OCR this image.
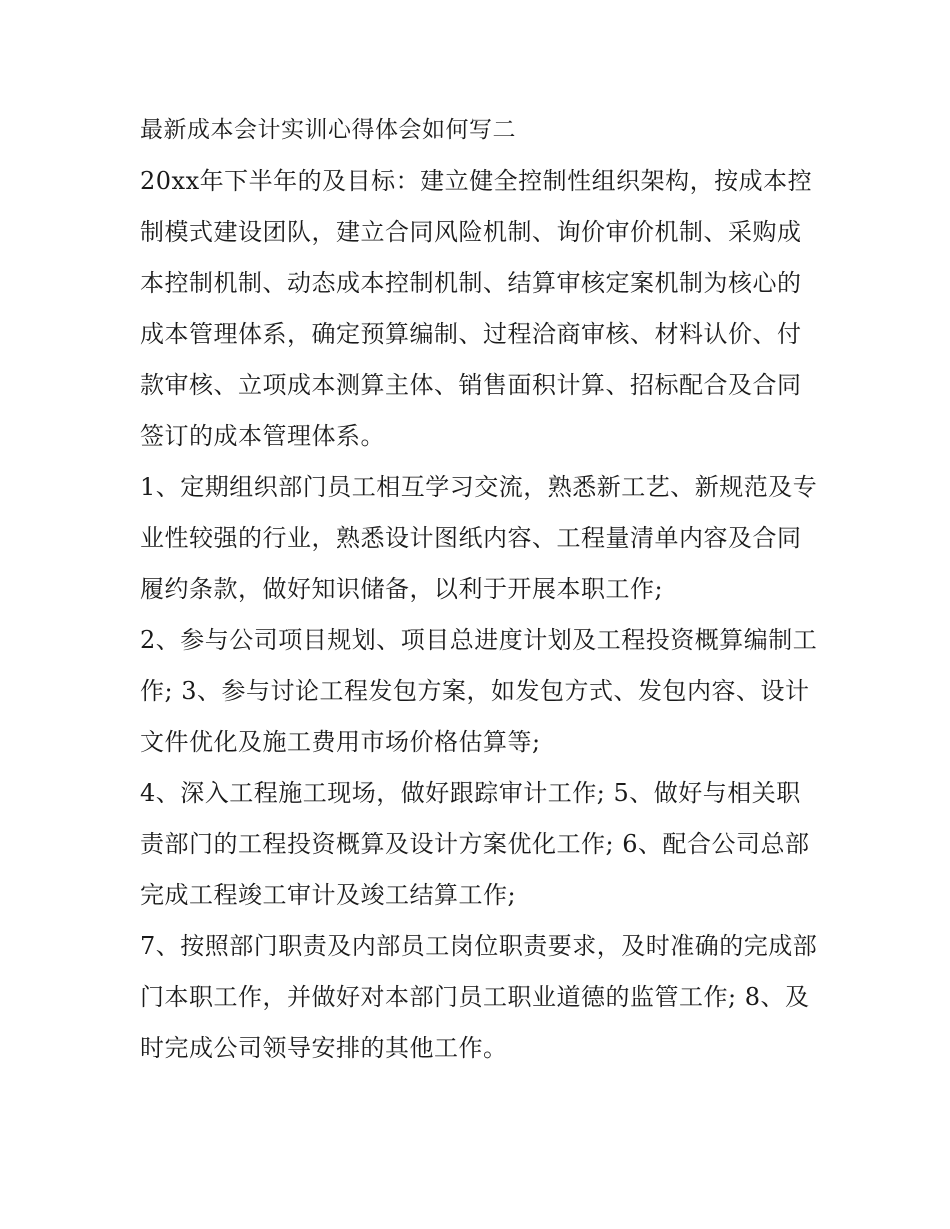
最新成本会计实训心得体会如何写二

20xx年下半年的及目标：建立健全控制性组织架构，按成本控制模式建设团队，建立合同风险机制、询价审价机制、采购成本控制机制、动态成本控制机制、结算审核定案机制为核心的成本管理体系，确定预算编制、过程洽商审核、材料认价、付款审核、立项成本测算主体、销售面积计算、招标配合及合同签订的成本管理体系。

1、定期组织部门员工相互学习交流，熟悉新工艺、新规范及专业性较强的行业，熟悉设计图纸内容、工程量清单内容及合同履约条款，做好知识储备，以利于开展本职工作;

2、参与公司项目规划、项目总进度计划及工程投资概算编制工作; 3、参与讨论工程发包方案，如发包方式、发包内容、设计文件优化及施工费用市场价格估算等;

4、深入工程施工现场，做好跟踪审计工作; 5、做好与相关职责部门的工程投资概算及设计方案优化工作; 6、配合公司总部完成工程竣工审计及竣工结算工作;

7、按照部门职责及内部员工岗位职责要求，及时准确的完成部门本职工作，并做好对本部门员工职业道德的监管工作; 8、及时完成公司领导安排的其他工作。
